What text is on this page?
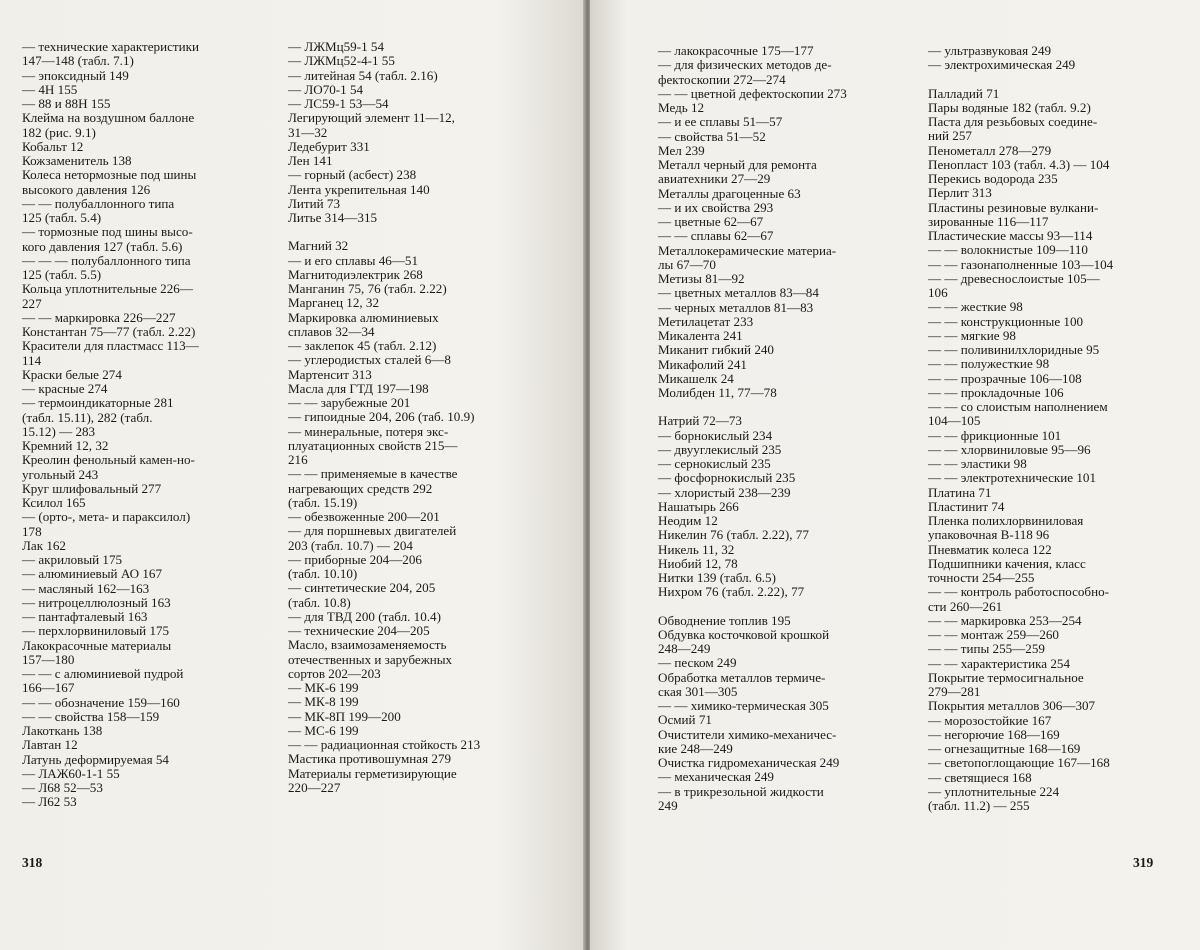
— технические характеристики
147—148 (табл. 7.1)
— эпоксидный 149
— 4Н 155
— 88 и 88Н 155
Клейма на воздушном баллоне
182 (рис. 9.1)
Кобальт 12
Кожзаменитель 138
Колеса нетормозные под шины
высокого давления 126
— — полубаллонного типа
125 (табл. 5.4)
— тормозные под шины высо-
кого давления 127 (табл. 5.6)
— — — полубаллонного типа
125 (табл. 5.5)
Кольца уплотнительные 226—
227
— — маркировка 226—227
Константан 75—77 (табл. 2.22)
Красители для пластмасс 113—
114
Краски белые 274
— красные 274
— термоиндикаторные 281
(табл. 15.11), 282 (табл.
15.12) — 283
Кремний 12, 32
Креолин фенольный камен-но-
угольный 243
Круг шлифовальный 277
Ксилол 165
— (орто-, мета- и параксилол)
178
Лак 162
— акриловый 175
— алюминиевый АО 167
— масляный 162—163
— нитроцеллюлозный 163
— пантафталевый 163
— перхлорвиниловый 175
Лакокрасочные материалы
157—180
— — с алюминиевой пудрой
166—167
— — обозначение 159—160
— — свойства 158—159
Лакоткань 138
Лавтан 12
Латунь деформируемая 54
— ЛАЖ60-1-1 55
— Л68 52—53
— Л62 53
— ЛЖМц59-1 54
— ЛЖМц52-4-1 55
— литейная 54 (табл. 2.16)
— ЛО70-1 54
— ЛС59-1 53—54
Легирующий элемент 11—12,
31—32
Ледебурит 331
Лен 141
— горный (асбест) 238
Лента укрепительная 140
Литий 73
Литье 314—315
Магний 32
— и его сплавы 46—51
Магнитодиэлектрик 268
Манганин 75, 76 (табл. 2.22)
Марганец 12, 32
Маркировка алюминиевых
сплавов 32—34
— заклепок 45 (табл. 2.12)
— углеродистых сталей 6—8
Мартенсит 313
Масла для ГТД 197—198
— — зарубежные 201
— гипоидные 204, 206 (таб. 10.9)
— минеральные, потеря экс-
плуатационных свойств 215—
216
— — применяемые в качестве
нагревающих средств 292
(табл. 15.19)
— обезвоженные 200—201
— для поршневых двигателей
203 (табл. 10.7) — 204
— приборные 204—206
(табл. 10.10)
— синтетические 204, 205
(табл. 10.8)
— для ТВД 200 (табл. 10.4)
— технические 204—205
Масло, взаимозаменяемость
отечественных и зарубежных
сортов 202—203
— МК-6 199
— МК-8 199
— МК-8П 199—200
— МС-6 199
— — радиационная стойкость 213
Мастика противошумная 279
Материалы герметизирующие
220—227
318
— лакокрасочные 175—177
— для физических методов де-
фектоскопии 272—274
— — цветной дефектоскопии 273
Медь 12
— и ее сплавы 51—57
— свойства 51—52
Мел 239
Металл черный для ремонта
авиатехники 27—29
Металлы драгоценные 63
— и их свойства 293
— цветные 62—67
— — сплавы 62—67
Металлокерамические материа-
лы 67—70
Метизы 81—92
— цветных металлов 83—84
— черных металлов 81—83
Метилацетат 233
Микалента 241
Миканит гибкий 240
Микафолий 241
Микашелк 24
Молибден 11, 77—78
Натрий 72—73
— борнокислый 234
— двууглекислый 235
— сернокислый 235
— фосфорнокислый 235
— хлористый 238—239
Нашатырь 266
Неодим 12
Никелин 76 (табл. 2.22), 77
Никель 11, 32
Ниобий 12, 78
Нитки 139 (табл. 6.5)
Нихром 76 (табл. 2.22), 77
Обводнение топлив 195
Обдувка косточковой крошкой
248—249
— песком 249
Обработка металлов термиче-
ская 301—305
— — химико-термическая 305
Осмий 71
Очистители химико-механичес-
кие 248—249
Очистка гидромеханическая 249
— механическая 249
— в трикрезольной жидкости
249
— ультразвуковая 249
— электрохимическая 249
Палладий 71
Пары водяные 182 (табл. 9.2)
Паста для резьбовых соедине-
ний 257
Пенометалл 278—279
Пенопласт 103 (табл. 4.3) — 104
Перекись водорода 235
Перлит 313
Пластины резиновые вулкани-
зированные 116—117
Пластические массы 93—114
— — волокнистые 109—110
— — газонаполненные 103—104
— — древеснослоистые 105—
106
— — жесткие 98
— — конструкционные 100
— — мягкие 98
— — поливинилхлоридные 95
— — полужесткие 98
— — прозрачные 106—108
— — прокладочные 106
— — со слоистым наполнением
104—105
— — фрикционные 101
— — хлорвиниловые 95—96
— — эластики 98
— — электротехнические 101
Платина 71
Пластинит 74
Пленка полихлорвиниловая
упаковочная В-118 96
Пневматик колеса 122
Подшипники качения, класс
точности 254—255
— — контроль работоспособно-
сти 260—261
— — маркировка 253—254
— — монтаж 259—260
— — типы 255—259
— — характеристика 254
Покрытие термосигнальное
279—281
Покрытия металлов 306—307
— морозостойкие 167
— негорючие 168—169
— огнезащитные 168—169
— светопоглощающие 167—168
— светящиеся 168
— уплотнительные 224
(табл. 11.2) — 255
319
